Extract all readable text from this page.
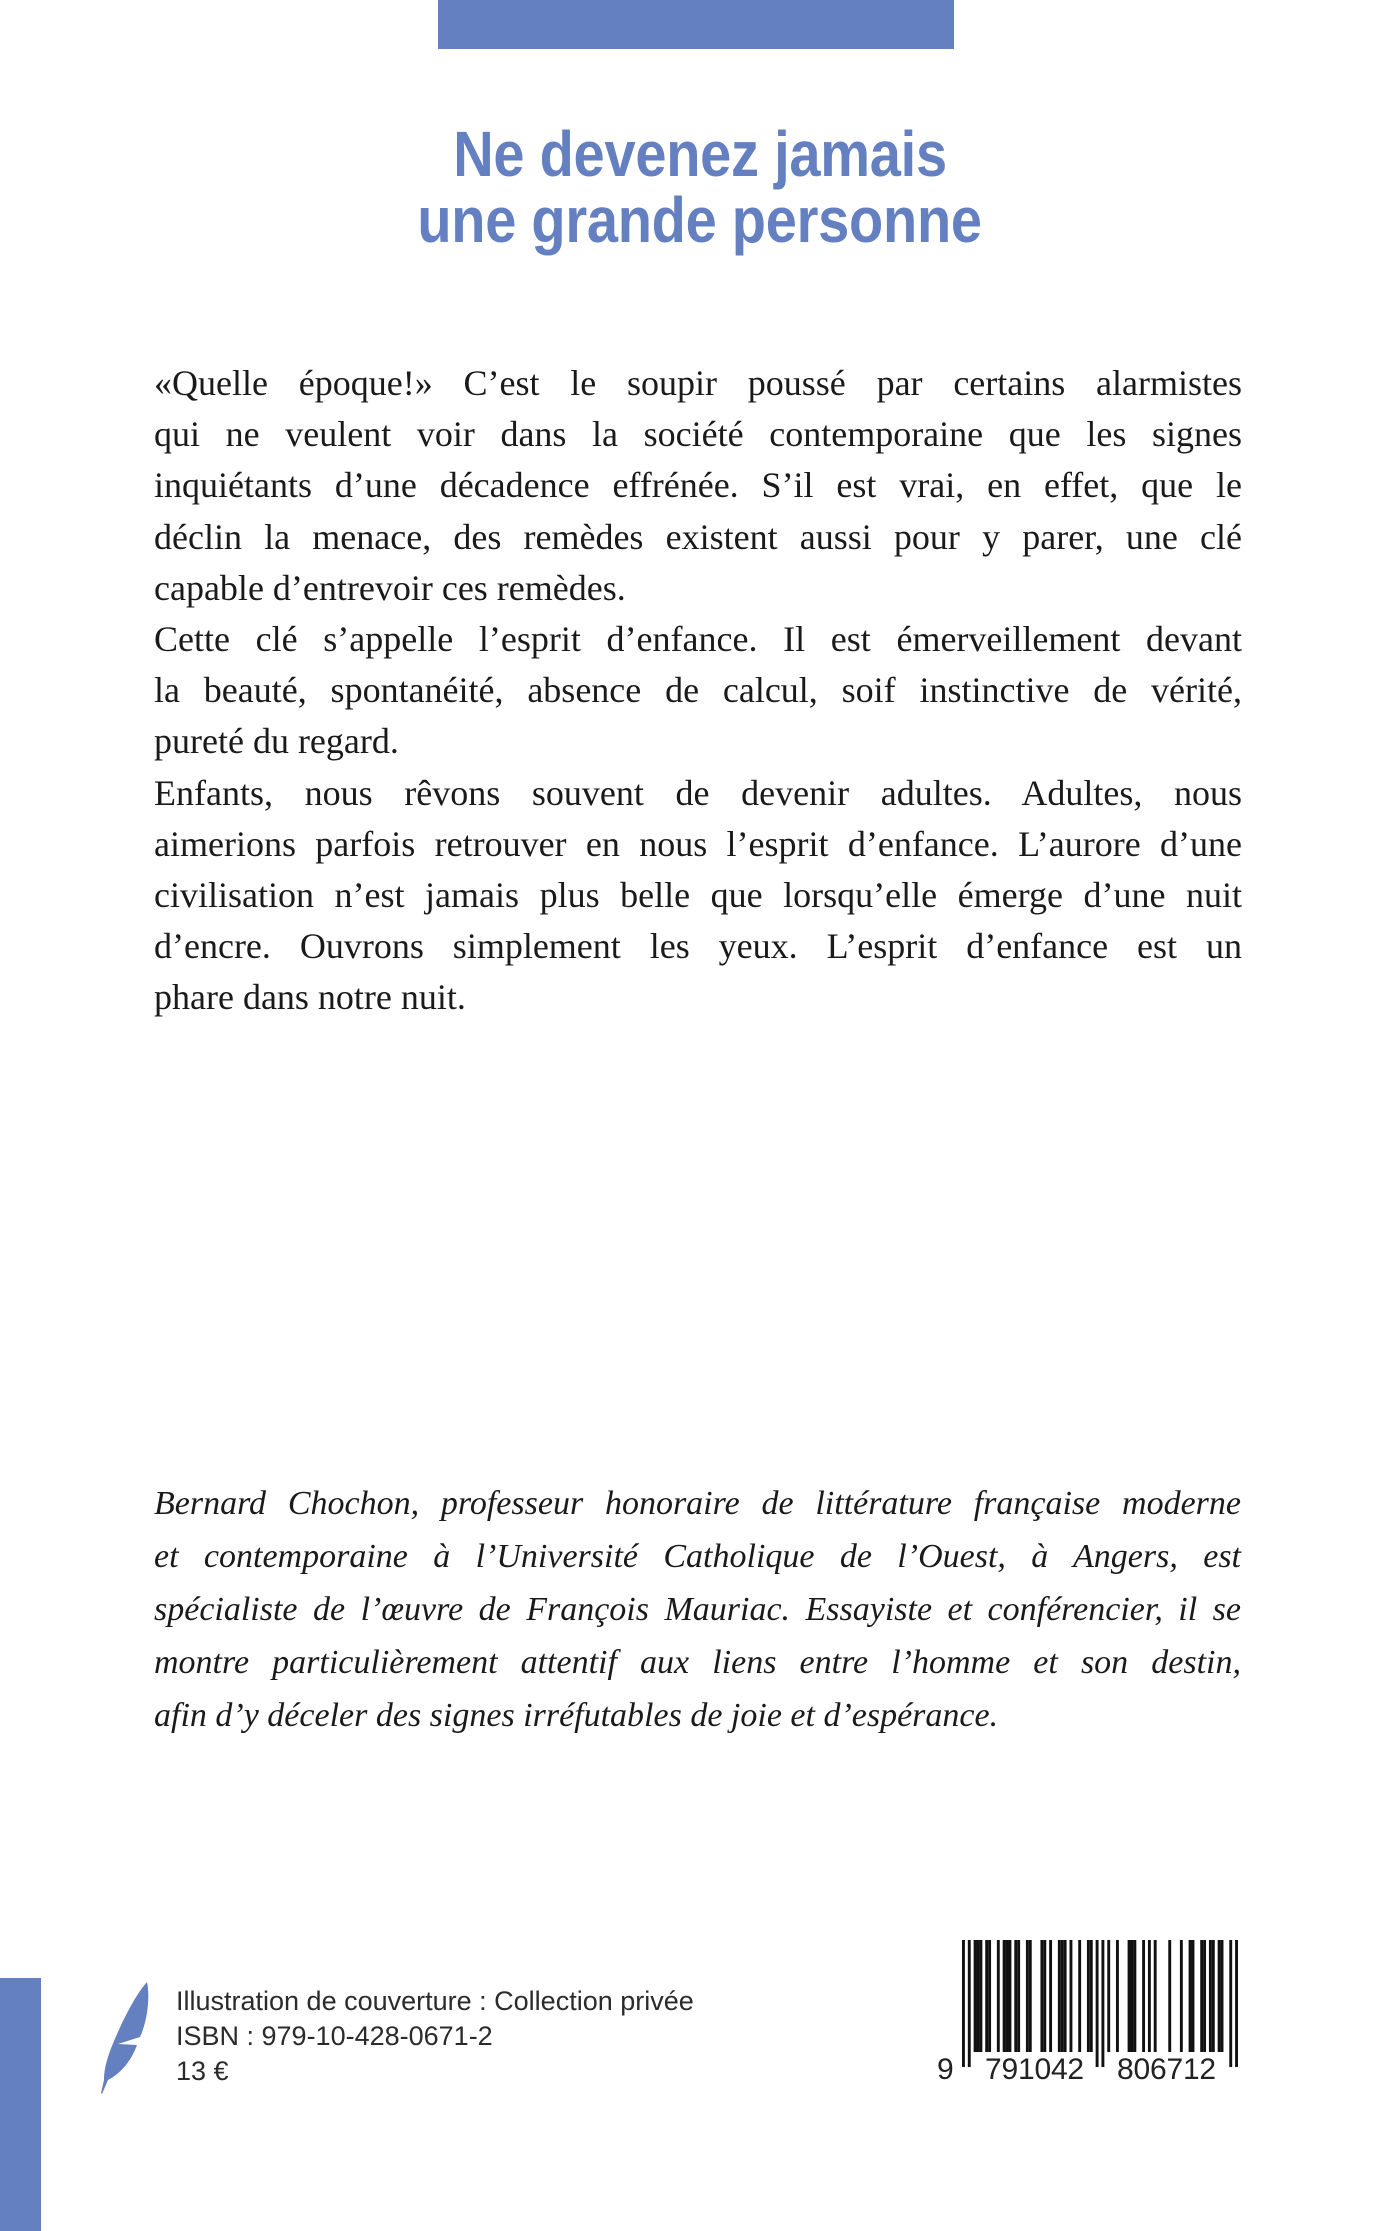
Ne devenez jamais
une grande personne
«Quelle époque!» C’est le soupir poussé par certains alarmistes
qui ne veulent voir dans la société contemporaine que les signes
inquiétants d’une décadence effrénée. S’il est vrai, en effet, que le
déclin la menace, des remèdes existent aussi pour y parer, une clé
capable d’entrevoir ces remèdes.
Cette clé s’appelle l’esprit d’enfance. Il est émerveillement devant
la beauté, spontanéité, absence de calcul, soif instinctive de vérité,
pureté du regard.
Enfants, nous rêvons souvent de devenir adultes. Adultes, nous
aimerions parfois retrouver en nous l’esprit d’enfance. L’aurore d’une
civilisation n’est jamais plus belle que lorsqu’elle émerge d’une nuit
d’encre. Ouvrons simplement les yeux. L’esprit d’enfance est un
phare dans notre nuit.
Bernard Chochon, professeur honoraire de littérature française moderne
et contemporaine à l’Université Catholique de l’Ouest, à Angers, est
spécialiste de l’œuvre de François Mauriac. Essayiste et conférencier, il se
montre particulièrement attentif aux liens entre l’homme et son destin,
afin d’y déceler des signes irréfutables de joie et d’espérance.
Illustration de couverture : Collection privée
ISBN : 979-10-428-0671-2
13 €	9 791042 806712
